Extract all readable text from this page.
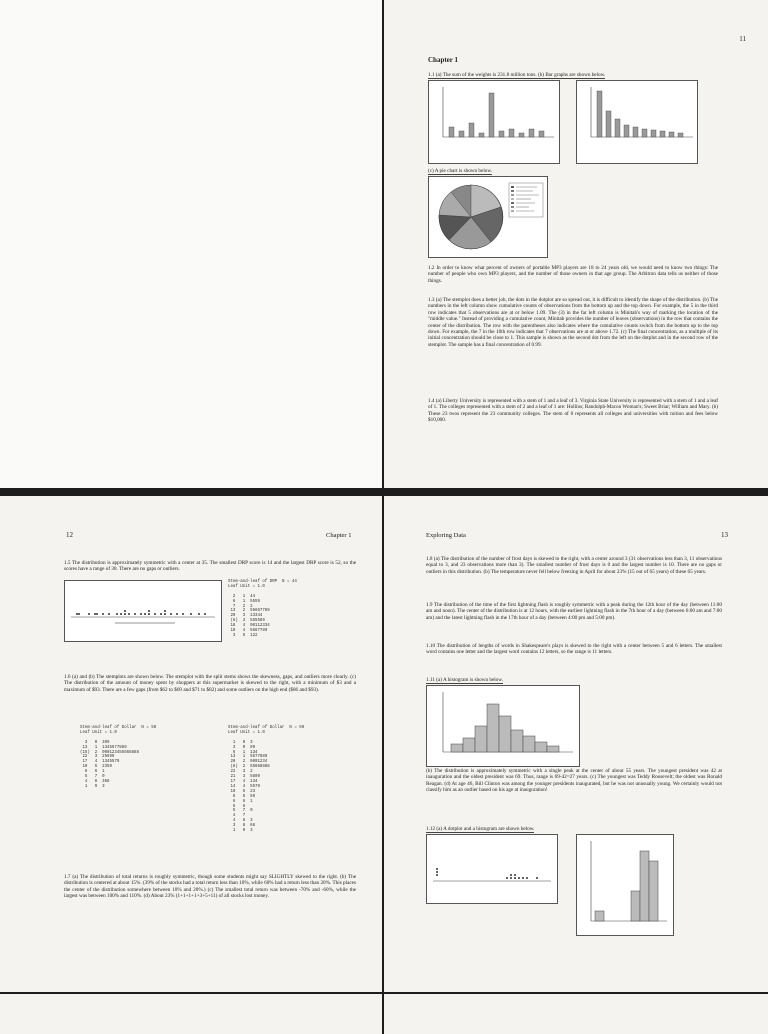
11
Chapter 1
1.1 (a) The sum of the weights is 231.8 million tons. (b) Bar graphs are shown below.
(c) A pie chart is shown below.
1.2 In order to know what percent of owners of portable MP3 players are 18 to 24 years old, we would need to know two things: The number of people who own MP3 players, and the number of those owners in that age group. The Arbitron data tells us neither of those things.
1.3 (a) The stemplot does a better job, the dots in the dotplot are so spread out, it is difficult to identify the shape of the distribution. (b) The numbers in the left column show cumulative counts of observations from the bottom up and the top down. For example, the 5 in the third row indicates that 5 observations are at or below 1.09. The (3) in the far left column is Minitab's way of marking the location of the "middle value." Instead of providing a cumulative count, Minitab provides the number of leaves (observations) in the row that contains the center of the distribution. The row with the parentheses also indicates where the cumulative counts switch from the bottom up to the top down. For example, the 7 in the 10th row indicates that 7 observations are at or above 1.72. (c) The final concentration, as a multiple of its initial concentration should be close to 1. This sample is shown as the second dot from the left on the dotplot and in the second row of the stemplot. The sample has a final concentration of 0.99.
1.4 (a) Liberty University is represented with a stem of 1 and a leaf of 3. Virginia State University is represented with a stem of 1 and a leaf of 1. The colleges represented with a stem of 2 and a leaf of 1 are: Hollins; Randolph-Macon Woman's; Sweet Briar; William and Mary. (b) These 23 twos represent the 23 community colleges. The stem of 0 represents all colleges and universities with tuition and fees below $10,000.
12	Chapter 1
1.5 The distribution is approximately symmetric with a center at 35. The smallest DRP score is 14 and the largest DRP score is 52, so the scores have a range of 38. There are no gaps or outliers.
Stem-and-leaf of DRP  N = 44
Leaf Unit = 1.0

2   1  44
6   1  5559
7   2  2
13   2  55667789
20   3  13344
(6)  3  555589
18   4  00112334
10   4  5667789
3   5  122
1.6 (a) and (b) The stemplots are shown below. The stemplot with the split stems shows the skewness, gaps, and outliers more clearly. (c) The distribution of the amount of money spent by shoppers at this supermarket is skewed to the right, with a minimum of $3 and a maximum of $93. There are a few gaps (from $62 to $69 and $71 to $82) and some outliers on the high end ($86 and $93).
Stem-and-leaf of Dollar  N = 50
Leaf Unit = 1.0

3   0  399
13   1  1345677889
(15)  2  000123455668888
22   3  25699
17   4  1345579
10   5  2359
6   6  1
5   7  0
4   8  366
1   9  3
Stem-and-leaf of Dollar  N = 50
Leaf Unit = 1.0

1   0  3
3   0  99
6   1  134
13   1  5677889
20   2  0001234
(8)  2  55668888
22   3  2
21   3  5699
17   4  134
14   4  5579
10   5  23
8   5  59
6   6  1
5   6
5   7  0
4   7
4   8  3
3   8  66
1   9  3
1.7 (a) The distribution of total returns is roughly symmetric, though some students might say SLIGHTLY skewed to the right. (b) The distribution is centered at about 15%. (39% of the stocks had a total return less than 10%, while 60% had a return less than 20%. This places the center of the distribution somewhere between 10% and 20%.) (c) The smallest total return was between -70% and -60%, while the largest was between 100% and 110%. (d) About 23% (1+1+1+1+3+5+11) of all stocks lost money.
Exploring Data	13
1.8 (a) The distribution of the number of frost days is skewed to the right, with a center around 3 (31 observations less than 3, 11 observations equal to 3, and 23 observations more than 3). The smallest number of frost days is 0 and the largest number is 10. There are no gaps or outliers in this distribution. (b) The temperature never fell below freezing in April for about 23% (15 out of 65 years) of these 65 years.
1.9 The distribution of the time of the first lightning flash is roughly symmetric with a peak during the 12th hour of the day (between 11:00 am and noon). The center of the distribution is at 12 hours, with the earliest lightning flash in the 7th hour of a day (between 6:00 am and 7:00 am) and the latest lightning flash in the 17th hour of a day (between 4:00 pm and 5:00 pm).
1.10 The distribution of lengths of words in Shakespeare's plays is skewed to the right with a center between 5 and 6 letters. The smallest word contains one letter and the largest word contains 12 letters, so the range is 11 letters.
1.11 (a) A histogram is shown below.
(b) The distribution is approximately symmetric with a single peak at the center of about 55 years. The youngest president was 42 at inauguration and the oldest president was 69. Thus, range is 69-42=27 years. (c) The youngest was Teddy Roosevelt; the oldest was Ronald Reagan. (d) At age 46, Bill Clinton was among the younger presidents inaugurated, but he was not unusually young. We certainly would not classify him as an outlier based on his age at inauguration!
1.12 (a) A dotplot and a histogram are shown below.
